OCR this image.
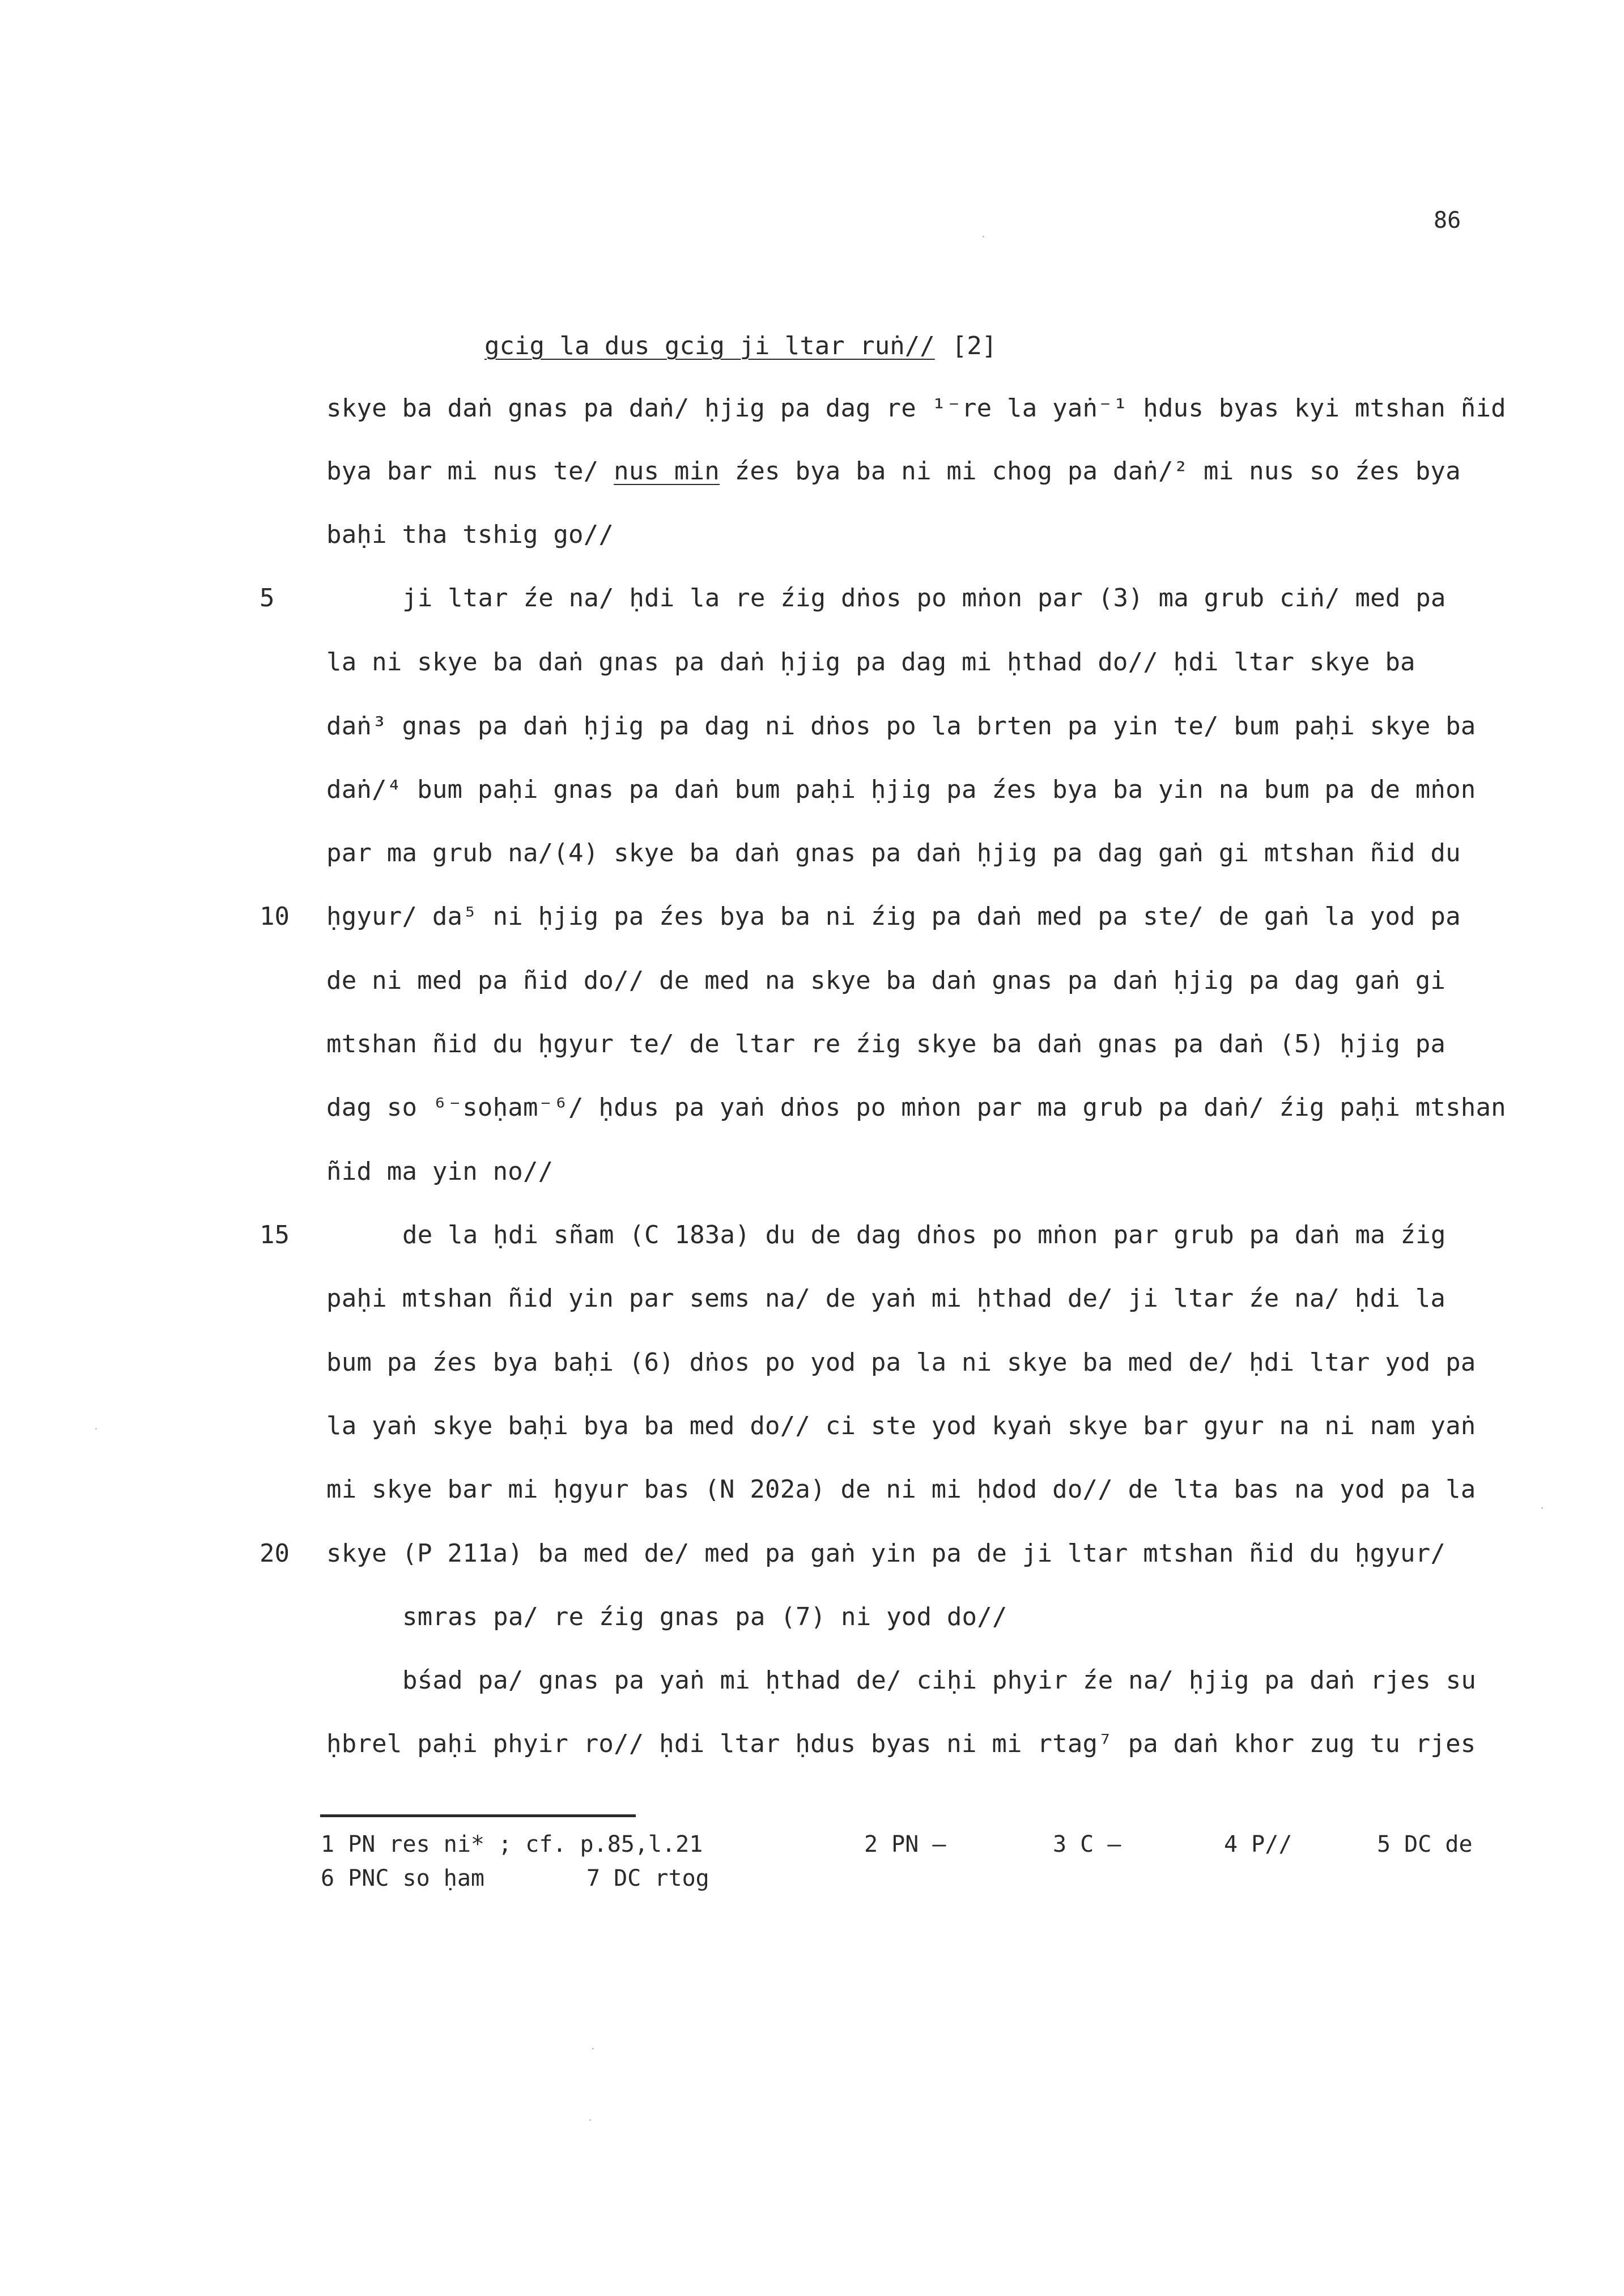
86
gcig la dus gcig ji ltar ruṅ// [2]
skye ba daṅ gnas pa daṅ/ ḥjig pa dag re ¹⁻re la yaṅ⁻¹ ḥdus byas kyi mtshan ñid
bya bar mi nus te/ nus min źes bya ba ni mi chog pa daṅ/² mi nus so źes bya
baḥi tha tshig go//
ji ltar źe na/ ḥdi la re źig dṅos po mṅon par (3) ma grub ciṅ/ med pa
la ni skye ba daṅ gnas pa daṅ ḥjig pa dag mi ḥthad do// ḥdi ltar skye ba
daṅ³ gnas pa daṅ ḥjig pa dag ni dṅos po la brten pa yin te/ bum paḥi skye ba
daṅ/⁴ bum paḥi gnas pa daṅ bum paḥi ḥjig pa źes bya ba yin na bum pa de mṅon
par ma grub na/(4) skye ba daṅ gnas pa daṅ ḥjig pa dag gaṅ gi mtshan ñid du
ḥgyur/ da⁵ ni ḥjig pa źes bya ba ni źig pa daṅ med pa ste/ de gaṅ la yod pa
de ni med pa ñid do// de med na skye ba daṅ gnas pa daṅ ḥjig pa dag gaṅ gi
mtshan ñid du ḥgyur te/ de ltar re źig skye ba daṅ gnas pa daṅ (5) ḥjig pa
dag so ⁶⁻soḥam⁻⁶/ ḥdus pa yaṅ dṅos po mṅon par ma grub pa daṅ/ źig paḥi mtshan
ñid ma yin no//
de la ḥdi sñam (C 183a) du de dag dṅos po mṅon par grub pa daṅ ma źig
paḥi mtshan ñid yin par sems na/ de yaṅ mi ḥthad de/ ji ltar źe na/ ḥdi la
bum pa źes bya baḥi (6) dṅos po yod pa la ni skye ba med de/ ḥdi ltar yod pa
la yaṅ skye baḥi bya ba med do// ci ste yod kyaṅ skye bar gyur na ni nam yaṅ
mi skye bar mi ḥgyur bas (N 202a) de ni mi ḥdod do// de lta bas na yod pa la
skye (P 211a) ba med de/ med pa gaṅ yin pa de ji ltar mtshan ñid du ḥgyur/
smras pa/ re źig gnas pa (7) ni yod do//
bśad pa/ gnas pa yaṅ mi ḥthad de/ ciḥi phyir źe na/ ḥjig pa daṅ rjes su
ḥbrel paḥi phyir ro// ḥdi ltar ḥdus byas ni mi rtag⁷ pa daṅ khor zug tu rjes
5
10
15
20
1 PN res ni* ; cf. p.85,l.21	2 PN —	3 C —	4 P//	5 DC de
6 PNC so ḥam	7 DC rtog
